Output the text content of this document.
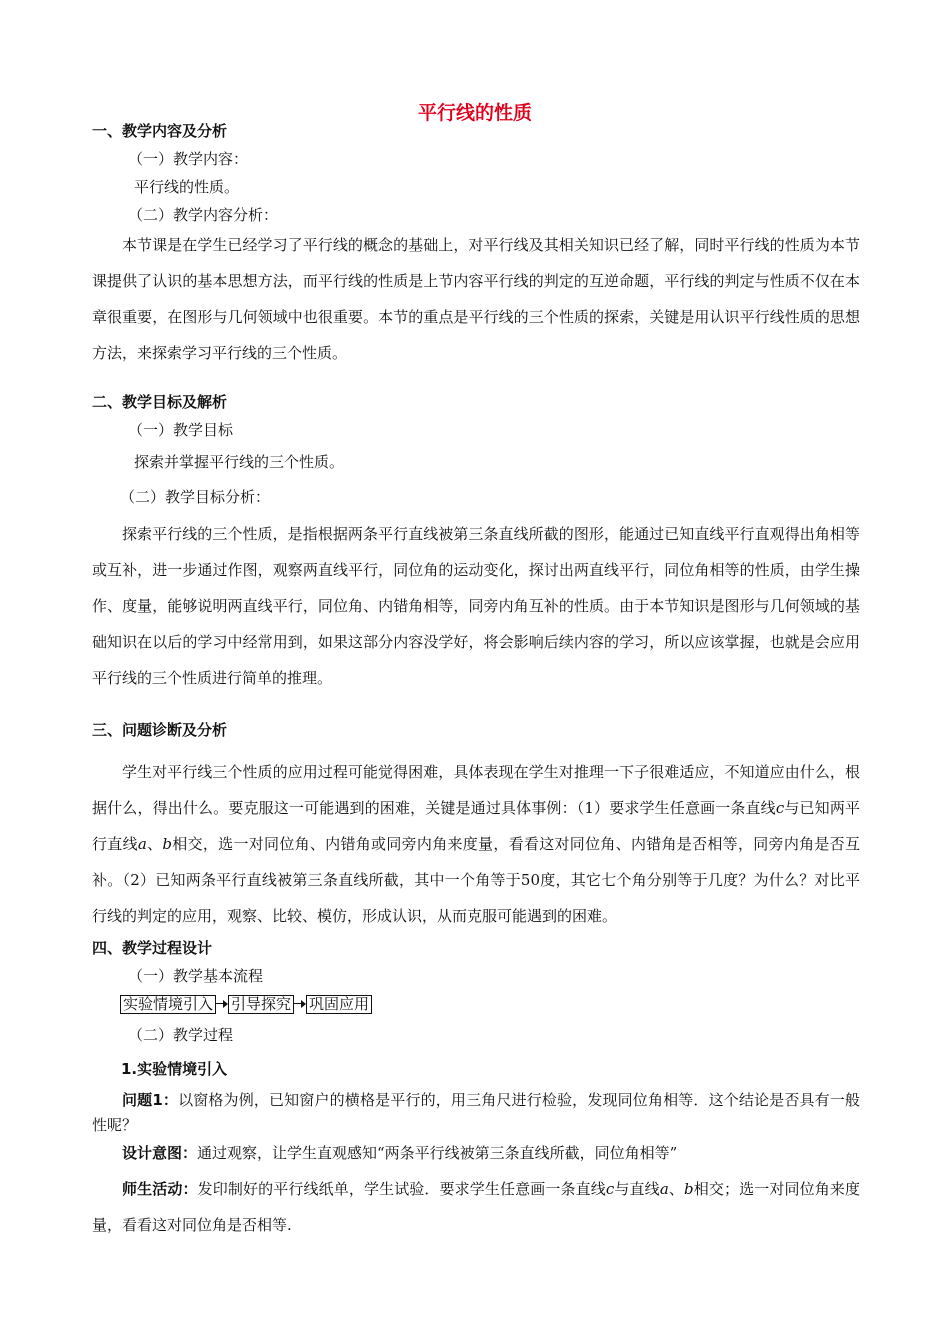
平行线的性质
一、教学内容及分析
（一）教学内容：
平行线的性质。
（二）教学内容分析：
本节课是在学生已经学习了平行线的概念的基础上，对平行线及其相关知识已经了解，同时平行线的性质为本节课提供了认识的基本思想方法，而平行线的性质是上节内容平行线的判定的互逆命题，平行线的判定与性质不仅在本章很重要，在图形与几何领域中也很重要。本节的重点是平行线的三个性质的探索，关键是用认识平行线性质的思想方法，来探索学习平行线的三个性质。
二、教学目标及解析
（一）教学目标
探索并掌握平行线的三个性质。
（二）教学目标分析：
探索平行线的三个性质，是指根据两条平行直线被第三条直线所截的图形，能通过已知直线平行直观得出角相等或互补，进一步通过作图，观察两直线平行，同位角的运动变化，探讨出两直线平行，同位角相等的性质，由学生操作、度量，能够说明两直线平行，同位角、内错角相等，同旁内角互补的性质。由于本节知识是图形与几何领域的基础知识在以后的学习中经常用到，如果这部分内容没学好，将会影响后续内容的学习，所以应该掌握，也就是会应用平行线的三个性质进行简单的推理。
三、问题诊断及分析
学生对平行线三个性质的应用过程可能觉得困难，具体表现在学生对推理一下子很难适应，不知道应由什么，根据什么，得出什么。要克服这一可能遇到的困难，关键是通过具体事例：（1）要求学生任意画一条直线c与已知两平行直线a、b相交，选一对同位角、内错角或同旁内角来度量，看看这对同位角、内错角是否相等，同旁内角是否互补。（2）已知两条平行直线被第三条直线所截，其中一个角等于50度，其它七个角分别等于几度？为什么？对比平行线的判定的应用，观察、比较、模仿，形成认识，从而克服可能遇到的困难。
四、教学过程设计
（一）教学基本流程
实验情境引入 引导探究 巩固应用
（二）教学过程
1.实验情境引入
问题1：以窗格为例，已知窗户的横格是平行的，用三角尺进行检验，发现同位角相等．这个结论是否具有一般性呢？
设计意图：通过观察，让学生直观感知“两条平行线被第三条直线所截，同位角相等”
师生活动：发印制好的平行线纸单，学生试验．要求学生任意画一条直线c与直线a、b相交；选一对同位角来度量，看看这对同位角是否相等.
